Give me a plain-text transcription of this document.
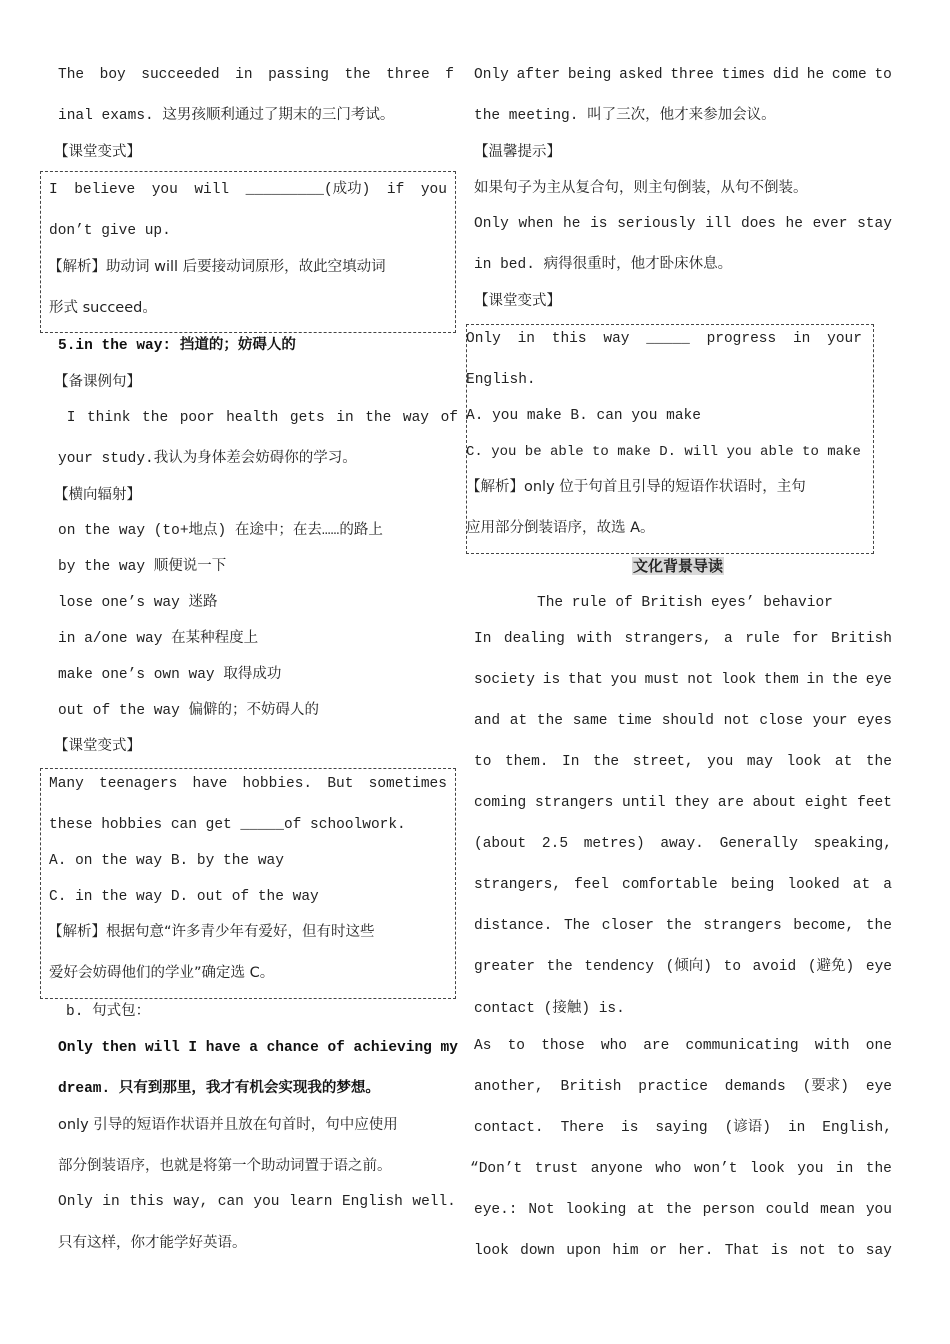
The boy succeeded in passing the three f
inal exams. 这男孩顺利通过了期末的三门考试。
【课堂变式】
I believe you will _________(成功) if you
don’t give up.
【解析】助动词 will 后要接动词原形，故此空填动词
形式 succeed。
5.in the way: 挡道的；妨碍人的
【备课例句】
I think the poor health gets in the way of
your study.我认为身体差会妨碍你的学习。
【横向辐射】
on the way (to+地点) 在途中；在去……的路上
by the way 顺便说一下
lose one’s way 迷路
in a/one way 在某种程度上
make one’s own way 取得成功
out of the way 偏僻的；不妨碍人的
【课堂变式】
Many teenagers have hobbies. But sometimes
these hobbies can get _____of schoolwork.
A. on the way B. by the way
C. in the way D. out of the way
【解析】根据句意“许多青少年有爱好，但有时这些
爱好会妨碍他们的学业”确定选 C。
b. 句式包：
Only then will I have a chance of achieving my
dream. 只有到那里，我才有机会实现我的梦想。
only 引导的短语作状语并且放在句首时，句中应使用
部分倒装语序，也就是将第一个助动词置于语之前。
Only in this way, can you learn English well.
只有这样，你才能学好英语。
Only after being asked three times did he come to
the meeting. 叫了三次，他才来参加会议。
【温馨提示】
如果句子为主从复合句，则主句倒装，从句不倒装。
Only when he is seriously ill does he ever stay
in bed. 病得很重时，他才卧床休息。
【课堂变式】
Only in this way _____ progress in your
English.
A. you make B. can you make
C. you be able to make D. will you able to make
【解析】only 位于句首且引导的短语作状语时，主句
应用部分倒装语序，故选 A。
文化背景导读
The rule of British eyes’ behavior
In dealing with strangers, a rule for British
society is that you must not look them in the eye
and at the same time should not close your eyes
to them. In the street, you may look at the
coming strangers until they are about eight feet
(about 2.5 metres) away. Generally speaking,
strangers, feel comfortable being looked at a
distance. The closer the strangers become, the
greater the tendency (倾向) to avoid (避免) eye
contact (接触) is.
As to those who are communicating with one
another, British practice demands (要求) eye
contact. There is saying (谚语) in English,
“Don’t trust anyone who won’t look you in the
eye.: Not looking at the person could mean you
look down upon him or her. That is not to say
